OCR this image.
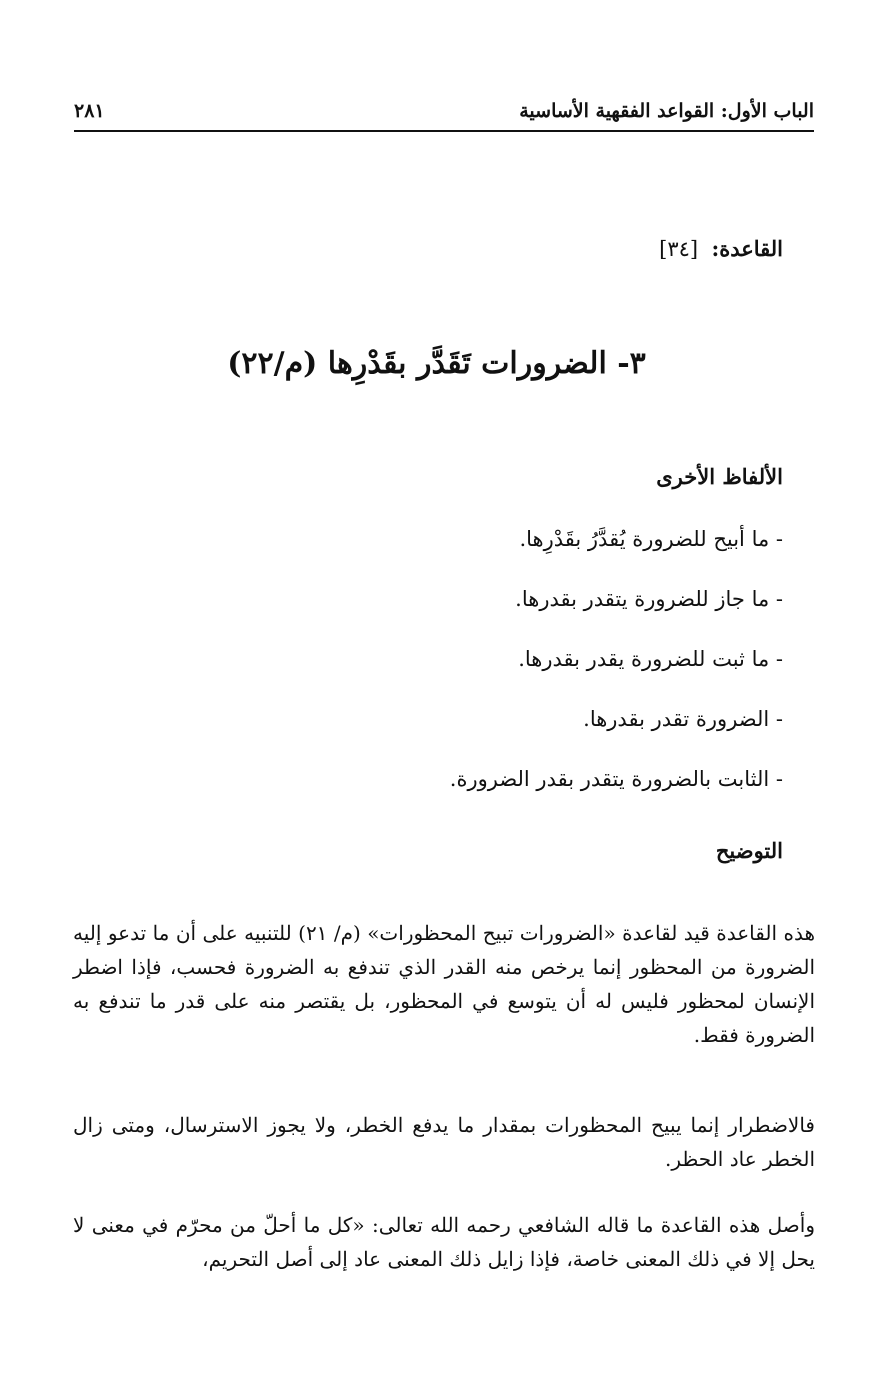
الباب الأول: القواعد الفقهية الأساسية
٢٨١
القاعدة: [٣٤]
٣- الضرورات تَقَدَّر بقَدْرِها (م/٢٢)
الألفاظ الأخرى
- ما أبيح للضرورة يُقدَّرُ بقَدْرِها.
- ما جاز للضرورة يتقدر بقدرها.
- ما ثبت للضرورة يقدر بقدرها.
- الضرورة تقدر بقدرها.
- الثابت بالضرورة يتقدر بقدر الضرورة.
التوضيح

هذه القاعدة قيد لقاعدة «الضرورات تبيح المحظورات» (م/ ٢١) للتنبيه على أن ما تدعو إليه الضرورة من المحظور إنما يرخص منه القدر الذي تندفع به الضرورة فحسب، فإذا اضطر الإنسان لمحظور فليس له أن يتوسع في المحظور، بل يقتصر منه على قدر ما تندفع به الضرورة فقط.

فالاضطرار إنما يبيح المحظورات بمقدار ما يدفع الخطر، ولا يجوز الاسترسال، ومتى زال الخطر عاد الحظر.

وأصل هذه القاعدة ما قاله الشافعي رحمه الله تعالى: «كل ما أحلّ من محرّم في معنى لا يحل إلا في ذلك المعنى خاصة، فإذا زايل ذلك المعنى عاد إلى أصل التحريم،
